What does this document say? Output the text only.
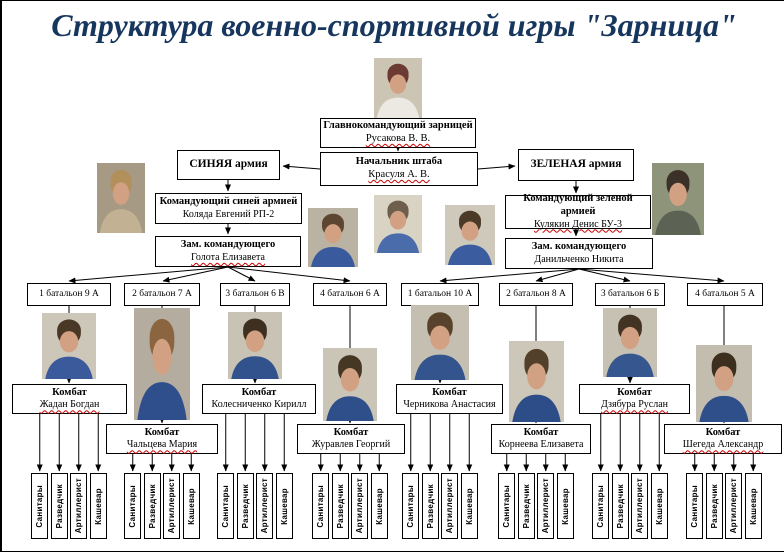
Структура военно-спортивной игры "Зарница"
Главнокомандующий зарницей
Русакова В. В.
Начальник штаба
Красуля А. В.
СИНЯЯ армия	ЗЕЛЕНАЯ армия
Командующий синей армией
Коляда Евгений РП-2
Командующий зеленой армией
Кулякин Денис БУ-3
Зам. командующего
Голота Елизавета
Зам. командующего
Данильченко Никита
1 батальон 9 А
Комбат
Жадан Богдан
Санитары Разведчик Артиллерист Кашевар
2 батальон 7 А
Комбат
Чальцева Мария
Санитары Разведчик Артиллерист Кашевар
3 батальон 6 В
Комбат
Колесниченко Кирилл
Санитары Разведчик Артиллерист Кашевар
4 батальон 6 А
Комбат
Журавлев Георгий
Санитары Разведчик Артиллерист Кашевар
1 батальон 10 А
Комбат
Черникова Анастасия
Санитары Разведчик Артиллерист Кашевар
2 батальон 8 А
Комбат
Корнеева Елизавета
Санитары Разведчик Артиллерист Кашевар
3 батальон 6 Б
Комбат
Дзябура Руслан
Санитары Разведчик Артиллерист Кашевар
4 батальон 5 А
Комбат
Шегеда Александр
Санитары Разведчик Артиллерист Кашевар
